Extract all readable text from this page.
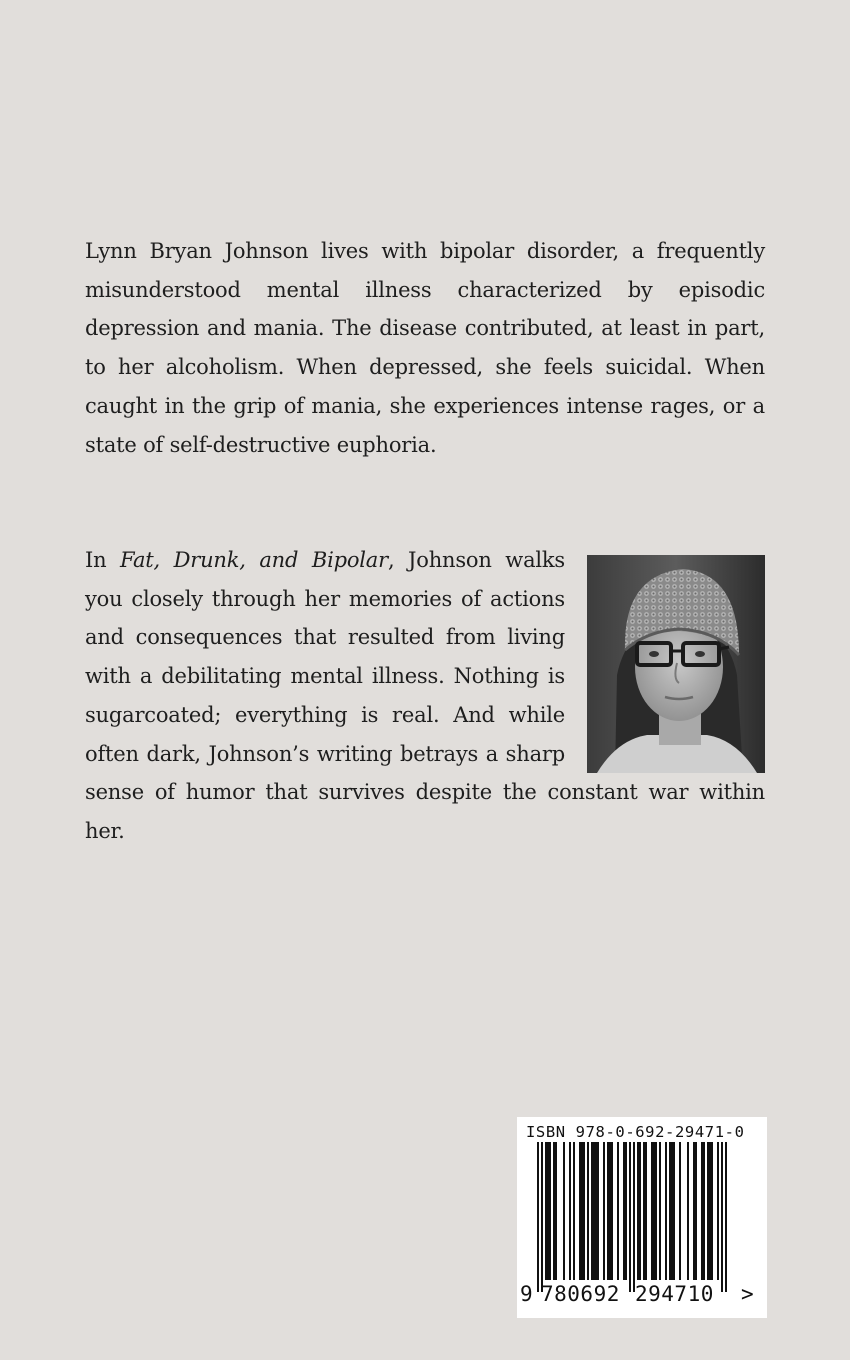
Lynn Bryan Johnson lives with bipolar disorder, a frequently misunderstood mental illness characterized by episodic depression and mania. The disease contributed, at least in part, to her alcoholism. When depressed, she feels suicidal. When caught in the grip of mania, she experiences intense rages, or a state of self-destructive euphoria.

In Fat, Drunk, and Bipolar, Johnson walks you closely through her memories of actions and consequences that resulted from living with a debilitating mental illness. Nothing is sugarcoated; everything is real. And while often dark, Johnson’s writing betrays a sharp sense of humor that survives despite the constant war within her.
ISBN 978-0-692-29471-0
9 780692 294710 >
